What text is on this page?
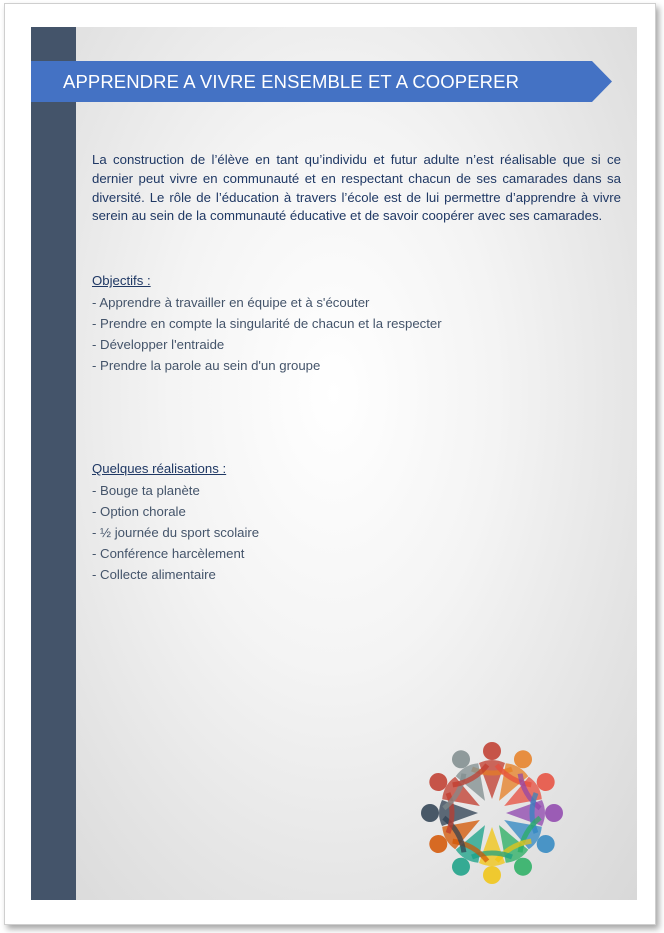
APPRENDRE A VIVRE ENSEMBLE ET A COOPERER

La construction de l’élève en tant qu’individu et futur adulte n’est réalisable que si ce dernier peut vivre en communauté et en respectant chacun de ses camarades dans sa diversité. Le rôle de l’éducation à travers l’école est de lui permettre d’apprendre à vivre serein au sein de la communauté éducative et de savoir coopérer avec ses camarades.

Objectifs :

- Apprendre à travailler en équipe et à s'écouter
- Prendre en compte la singularité de chacun et la respecter
- Développer l'entraide
- Prendre la parole au sein d'un groupe

Quelques réalisations :

- Bouge ta planète
- Option chorale
- ½ journée du sport scolaire
- Conférence harcèlement
- Collecte alimentaire
